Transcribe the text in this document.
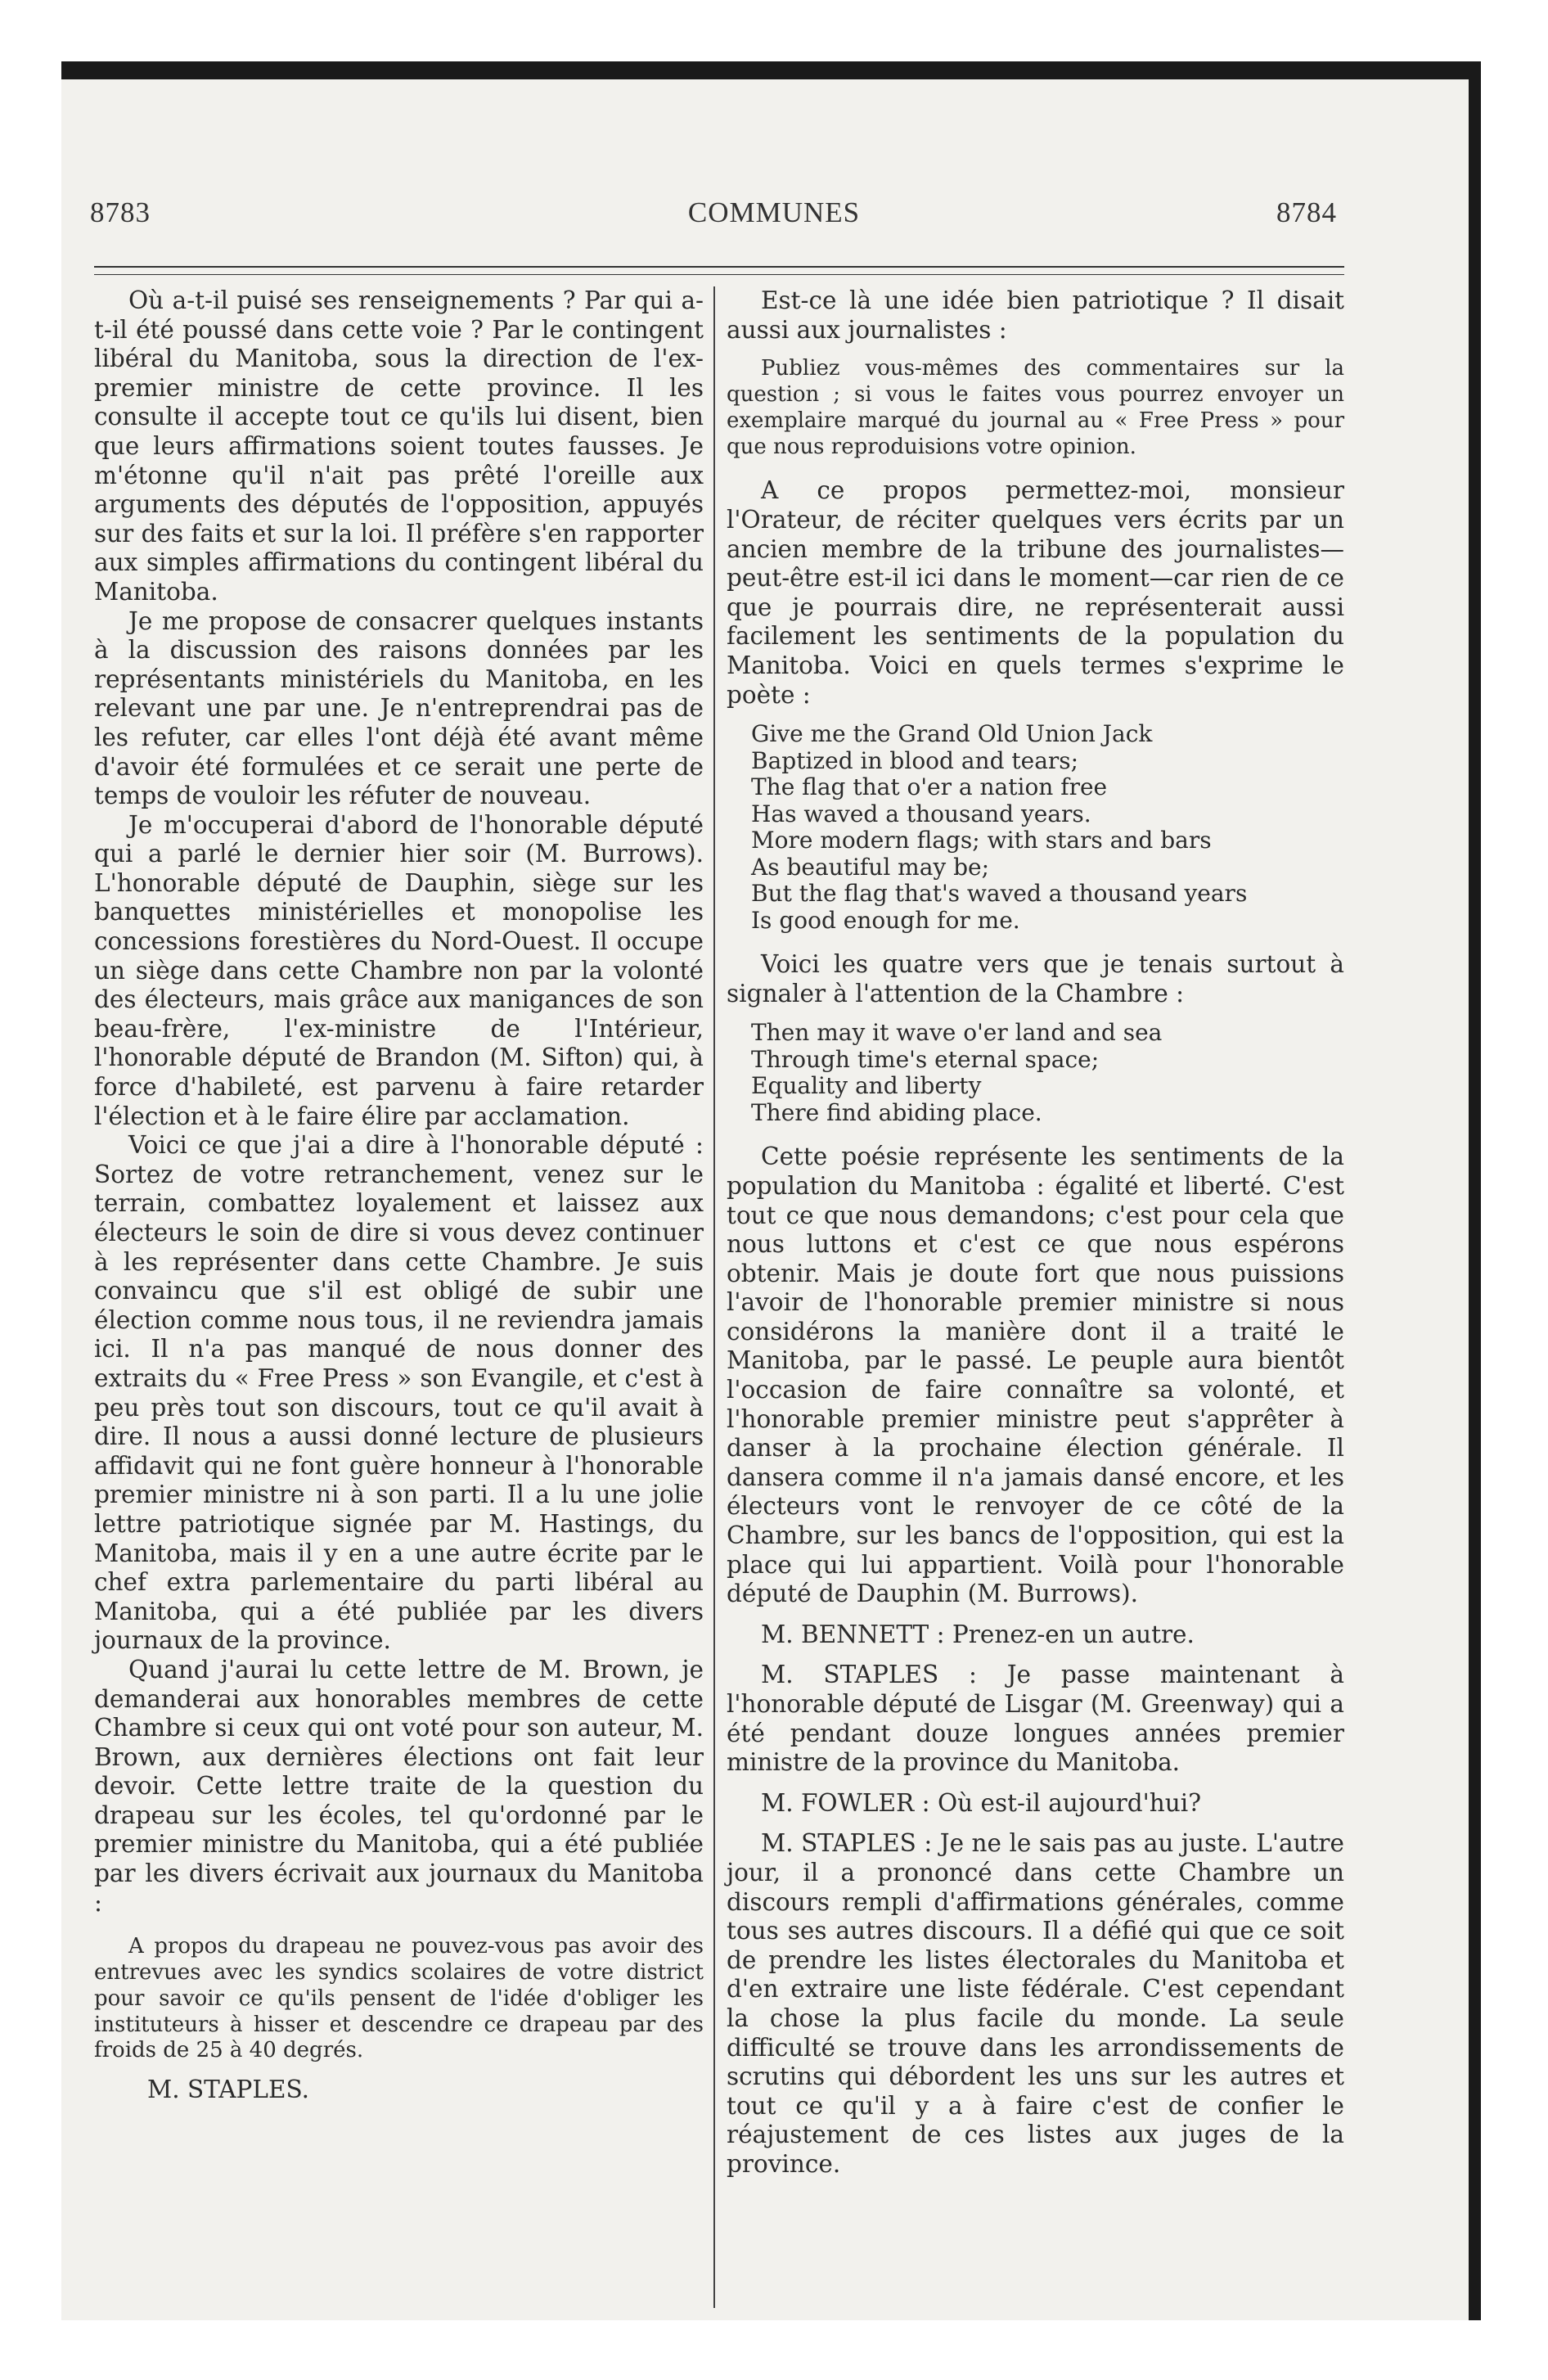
8783	COMMUNES	8784

Où a-t-il puisé ses renseignements ? Par qui a-t-il été poussé dans cette voie ? Par le contingent libéral du Manitoba, sous la direction de l'ex-premier ministre de cette province. Il les consulte il accepte tout ce qu'ils lui disent, bien que leurs affirmations soient toutes fausses. Je m'étonne qu'il n'ait pas prêté l'oreille aux arguments des députés de l'opposition, appuyés sur des faits et sur la loi. Il préfère s'en rapporter aux simples affirmations du contingent libéral du Manitoba.

Je me propose de consacrer quelques instants à la discussion des raisons données par les représentants ministériels du Manitoba, en les relevant une par une. Je n'entreprendrai pas de les refuter, car elles l'ont déjà été avant même d'avoir été formulées et ce serait une perte de temps de vouloir les réfuter de nouveau.

Je m'occuperai d'abord de l'honorable député qui a parlé le dernier hier soir (M. Burrows). L'honorable député de Dauphin, siège sur les banquettes ministérielles et monopolise les concessions forestières du Nord-Ouest. Il occupe un siège dans cette Chambre non par la volonté des électeurs, mais grâce aux manigances de son beau-frère, l'ex-ministre de l'Intérieur, l'honorable député de Brandon (M. Sifton) qui, à force d'habileté, est parvenu à faire retarder l'élection et à le faire élire par acclamation.

Voici ce que j'ai a dire à l'honorable député : Sortez de votre retranchement, venez sur le terrain, combattez loyalement et laissez aux électeurs le soin de dire si vous devez continuer à les représenter dans cette Chambre. Je suis convaincu que s'il est obligé de subir une élection comme nous tous, il ne reviendra jamais ici. Il n'a pas manqué de nous donner des extraits du « Free Press » son Evangile, et c'est à peu près tout son discours, tout ce qu'il avait à dire. Il nous a aussi donné lecture de plusieurs affidavit qui ne font guère honneur à l'honorable premier ministre ni à son parti. Il a lu une jolie lettre patriotique signée par M. Hastings, du Manitoba, mais il y en a une autre écrite par le chef extra parlementaire du parti libéral au Manitoba, qui a été publiée par les divers journaux de la province.

Quand j'aurai lu cette lettre de M. Brown, je demanderai aux honorables membres de cette Chambre si ceux qui ont voté pour son auteur, M. Brown, aux dernières élections ont fait leur devoir. Cette lettre traite de la question du drapeau sur les écoles, tel qu'ordonné par le premier ministre du Manitoba, qui a été publiée par les divers écrivait aux journaux du Manitoba :

A propos du drapeau ne pouvez-vous pas avoir des entrevues avec les syndics scolaires de votre district pour savoir ce qu'ils pensent de l'idée d'obliger les instituteurs à hisser et descendre ce drapeau par des froids de 25 à 40 degrés.

M. STAPLES.

Est-ce là une idée bien patriotique ? Il disait aussi aux journalistes :

Publiez vous-mêmes des commentaires sur la question ; si vous le faites vous pourrez envoyer un exemplaire marqué du journal au « Free Press » pour que nous reproduisions votre opinion.

A ce propos permettez-moi, monsieur l'Orateur, de réciter quelques vers écrits par un ancien membre de la tribune des journalistes—peut-être est-il ici dans le moment—car rien de ce que je pourrais dire, ne représenterait aussi facilement les sentiments de la population du Manitoba. Voici en quels termes s'exprime le poète :

Give me the Grand Old Union Jack
Baptized in blood and tears;
The flag that o'er a nation free
Has waved a thousand years.
More modern flags; with stars and bars
As beautiful may be;
But the flag that's waved a thousand years
Is good enough for me.

Voici les quatre vers que je tenais surtout à signaler à l'attention de la Chambre :

Then may it wave o'er land and sea
Through time's eternal space;
Equality and liberty
There find abiding place.

Cette poésie représente les sentiments de la population du Manitoba : égalité et liberté. C'est tout ce que nous demandons; c'est pour cela que nous luttons et c'est ce que nous espérons obtenir. Mais je doute fort que nous puissions l'avoir de l'honorable premier ministre si nous considérons la manière dont il a traité le Manitoba, par le passé. Le peuple aura bientôt l'occasion de faire connaître sa volonté, et l'honorable premier ministre peut s'apprêter à danser à la prochaine élection générale. Il dansera comme il n'a jamais dansé encore, et les électeurs vont le renvoyer de ce côté de la Chambre, sur les bancs de l'opposition, qui est la place qui lui appartient. Voilà pour l'honorable député de Dauphin (M. Burrows).

M. BENNETT : Prenez-en un autre.

M. STAPLES : Je passe maintenant à l'honorable député de Lisgar (M. Greenway) qui a été pendant douze longues années premier ministre de la province du Manitoba.

M. FOWLER : Où est-il aujourd'hui?

M. STAPLES : Je ne le sais pas au juste. L'autre jour, il a prononcé dans cette Chambre un discours rempli d'affirmations générales, comme tous ses autres discours. Il a défié qui que ce soit de prendre les listes électorales du Manitoba et d'en extraire une liste fédérale. C'est cependant la chose la plus facile du monde. La seule difficulté se trouve dans les arrondissements de scrutins qui débordent les uns sur les autres et tout ce qu'il y a à faire c'est de confier le réajustement de ces listes aux juges de la province.
